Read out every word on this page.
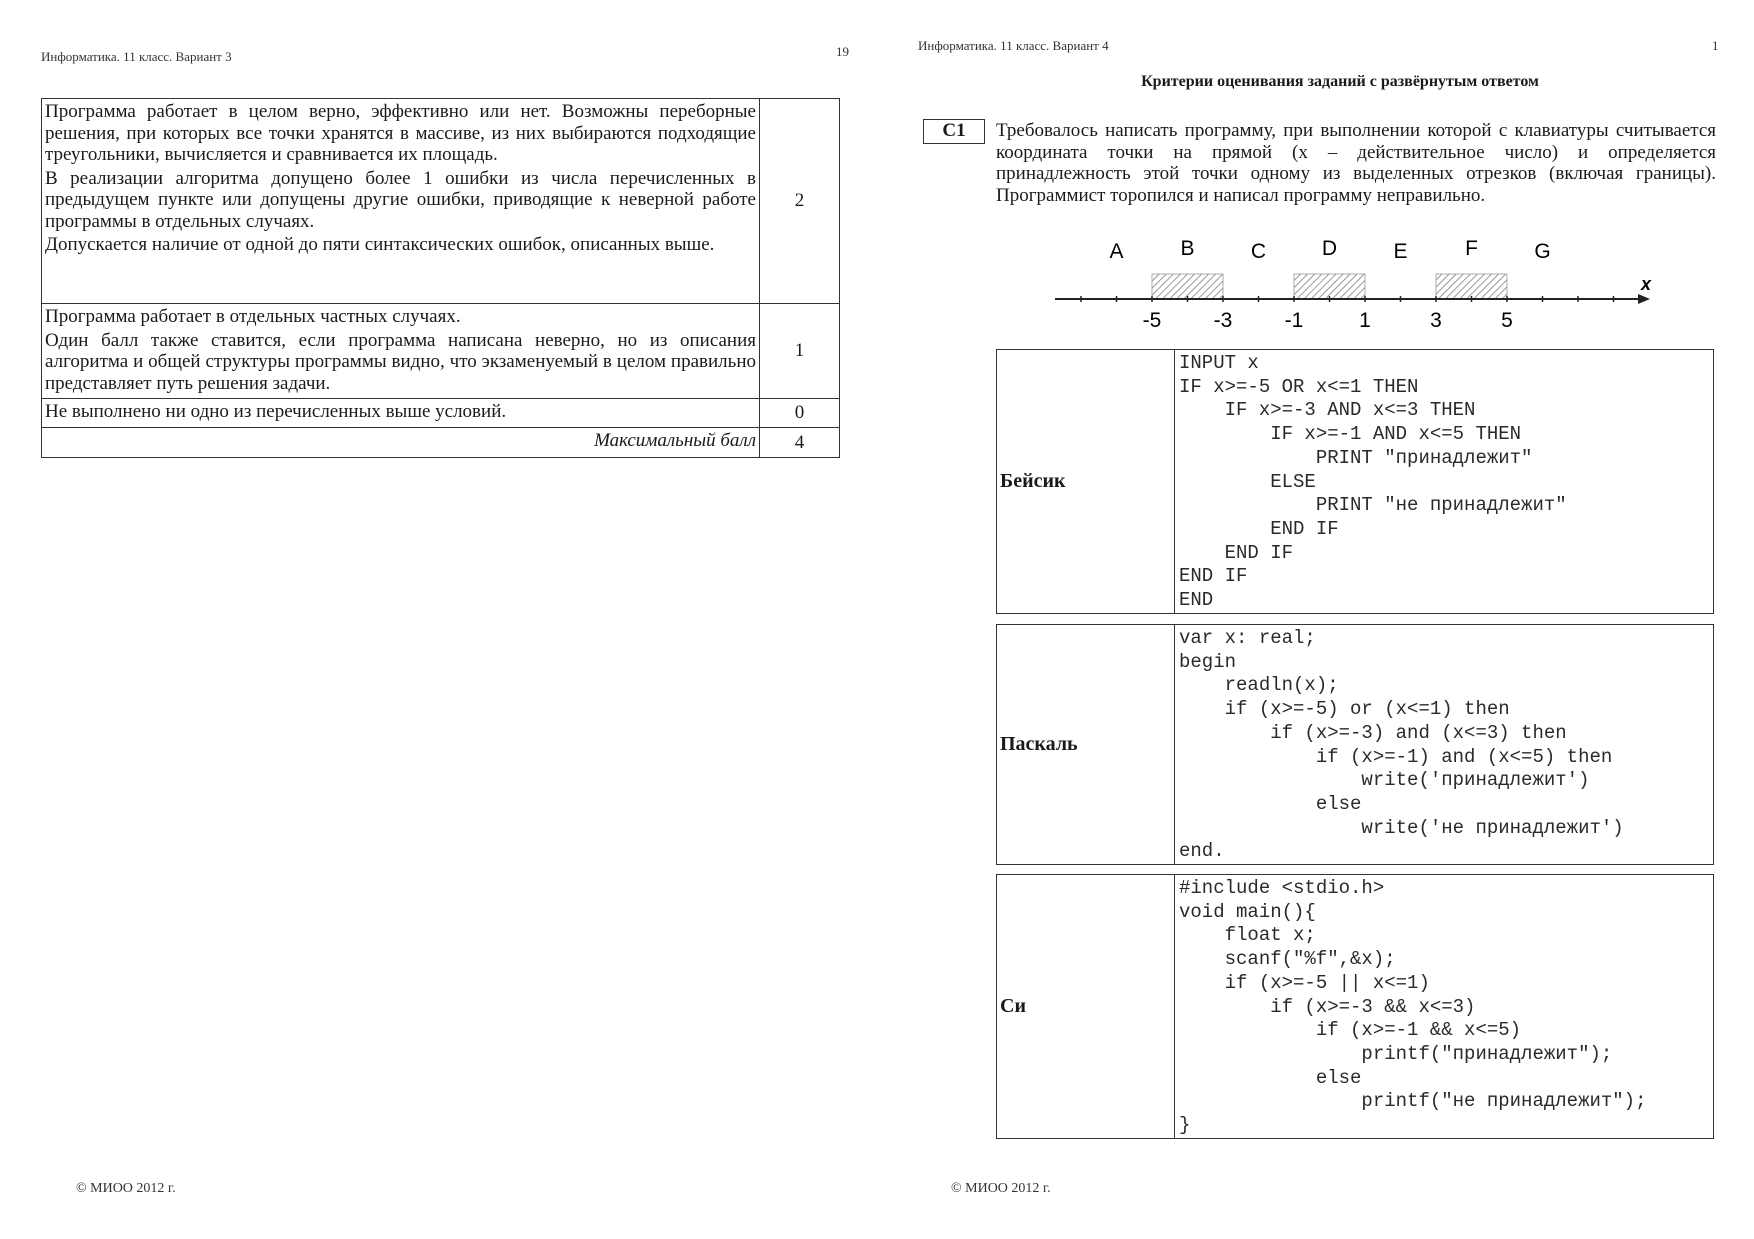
Информатика. 11 класс. Вариант 3	19

Программа работает в целом верно, эффективно или нет. Возможны переборные решения, при которых все точки хранятся в массиве, из них выбираются подходящие треугольники, вычисляется и сравнивается их площадь.

В реализации алгоритма допущено более 1 ошибки из числа перечисленных в предыдущем пункте или допущены другие ошибки, приводящие к неверной работе программы в отдельных случаях.

Допускается наличие от одной до пяти синтаксических ошибок, описанных выше.	2

Программа работает в отдельных частных случаях.

Один балл также ставится, если программа написана неверно, но из описания алгоритма и общей структуры программы видно, что экзаменуемый в целом правильно представляет путь решения задачи.	1

Не выполнено ни одно из перечисленных выше условий.	0
Максимальный балл	4
© МИОО 2012 г.
Информатика. 11 класс. Вариант 4	1
Критерии оценивания заданий с развёрнутым ответом
C1	Требовалось написать программу, при выполнении которой с клавиатуры считывается координата точки на прямой (x – действительное число) и определяется принадлежность этой точки одному из выделенных отрезков (включая границы). Программист торопился и написал программу неправильно.
x
A	B	C	D	E	F	G
-5 -3 -1	1	3	5
Бейсик
INPUT x
IF x>=-5 OR x<=1 THEN
IF x>=-3 AND x<=3 THEN
IF x>=-1 AND x<=5 THEN
PRINT "принадлежит"
ELSE
PRINT "не принадлежит"
END IF
END IF
END IF
END
Паскаль
var x: real;
begin
readln(x);
if (x>=-5) or (x<=1) then
if (x>=-3) and (x<=3) then
if (x>=-1) and (x<=5) then
write('принадлежит')
else
write('не принадлежит')
end.
Си
#include <stdio.h>
void main(){
float x;
scanf("%f",&x);
if (x>=-5 || x<=1)
if (x>=-3 && x<=3)
if (x>=-1 && x<=5)
printf("принадлежит");
else
printf("не принадлежит");
}
© МИОО 2012 г.
